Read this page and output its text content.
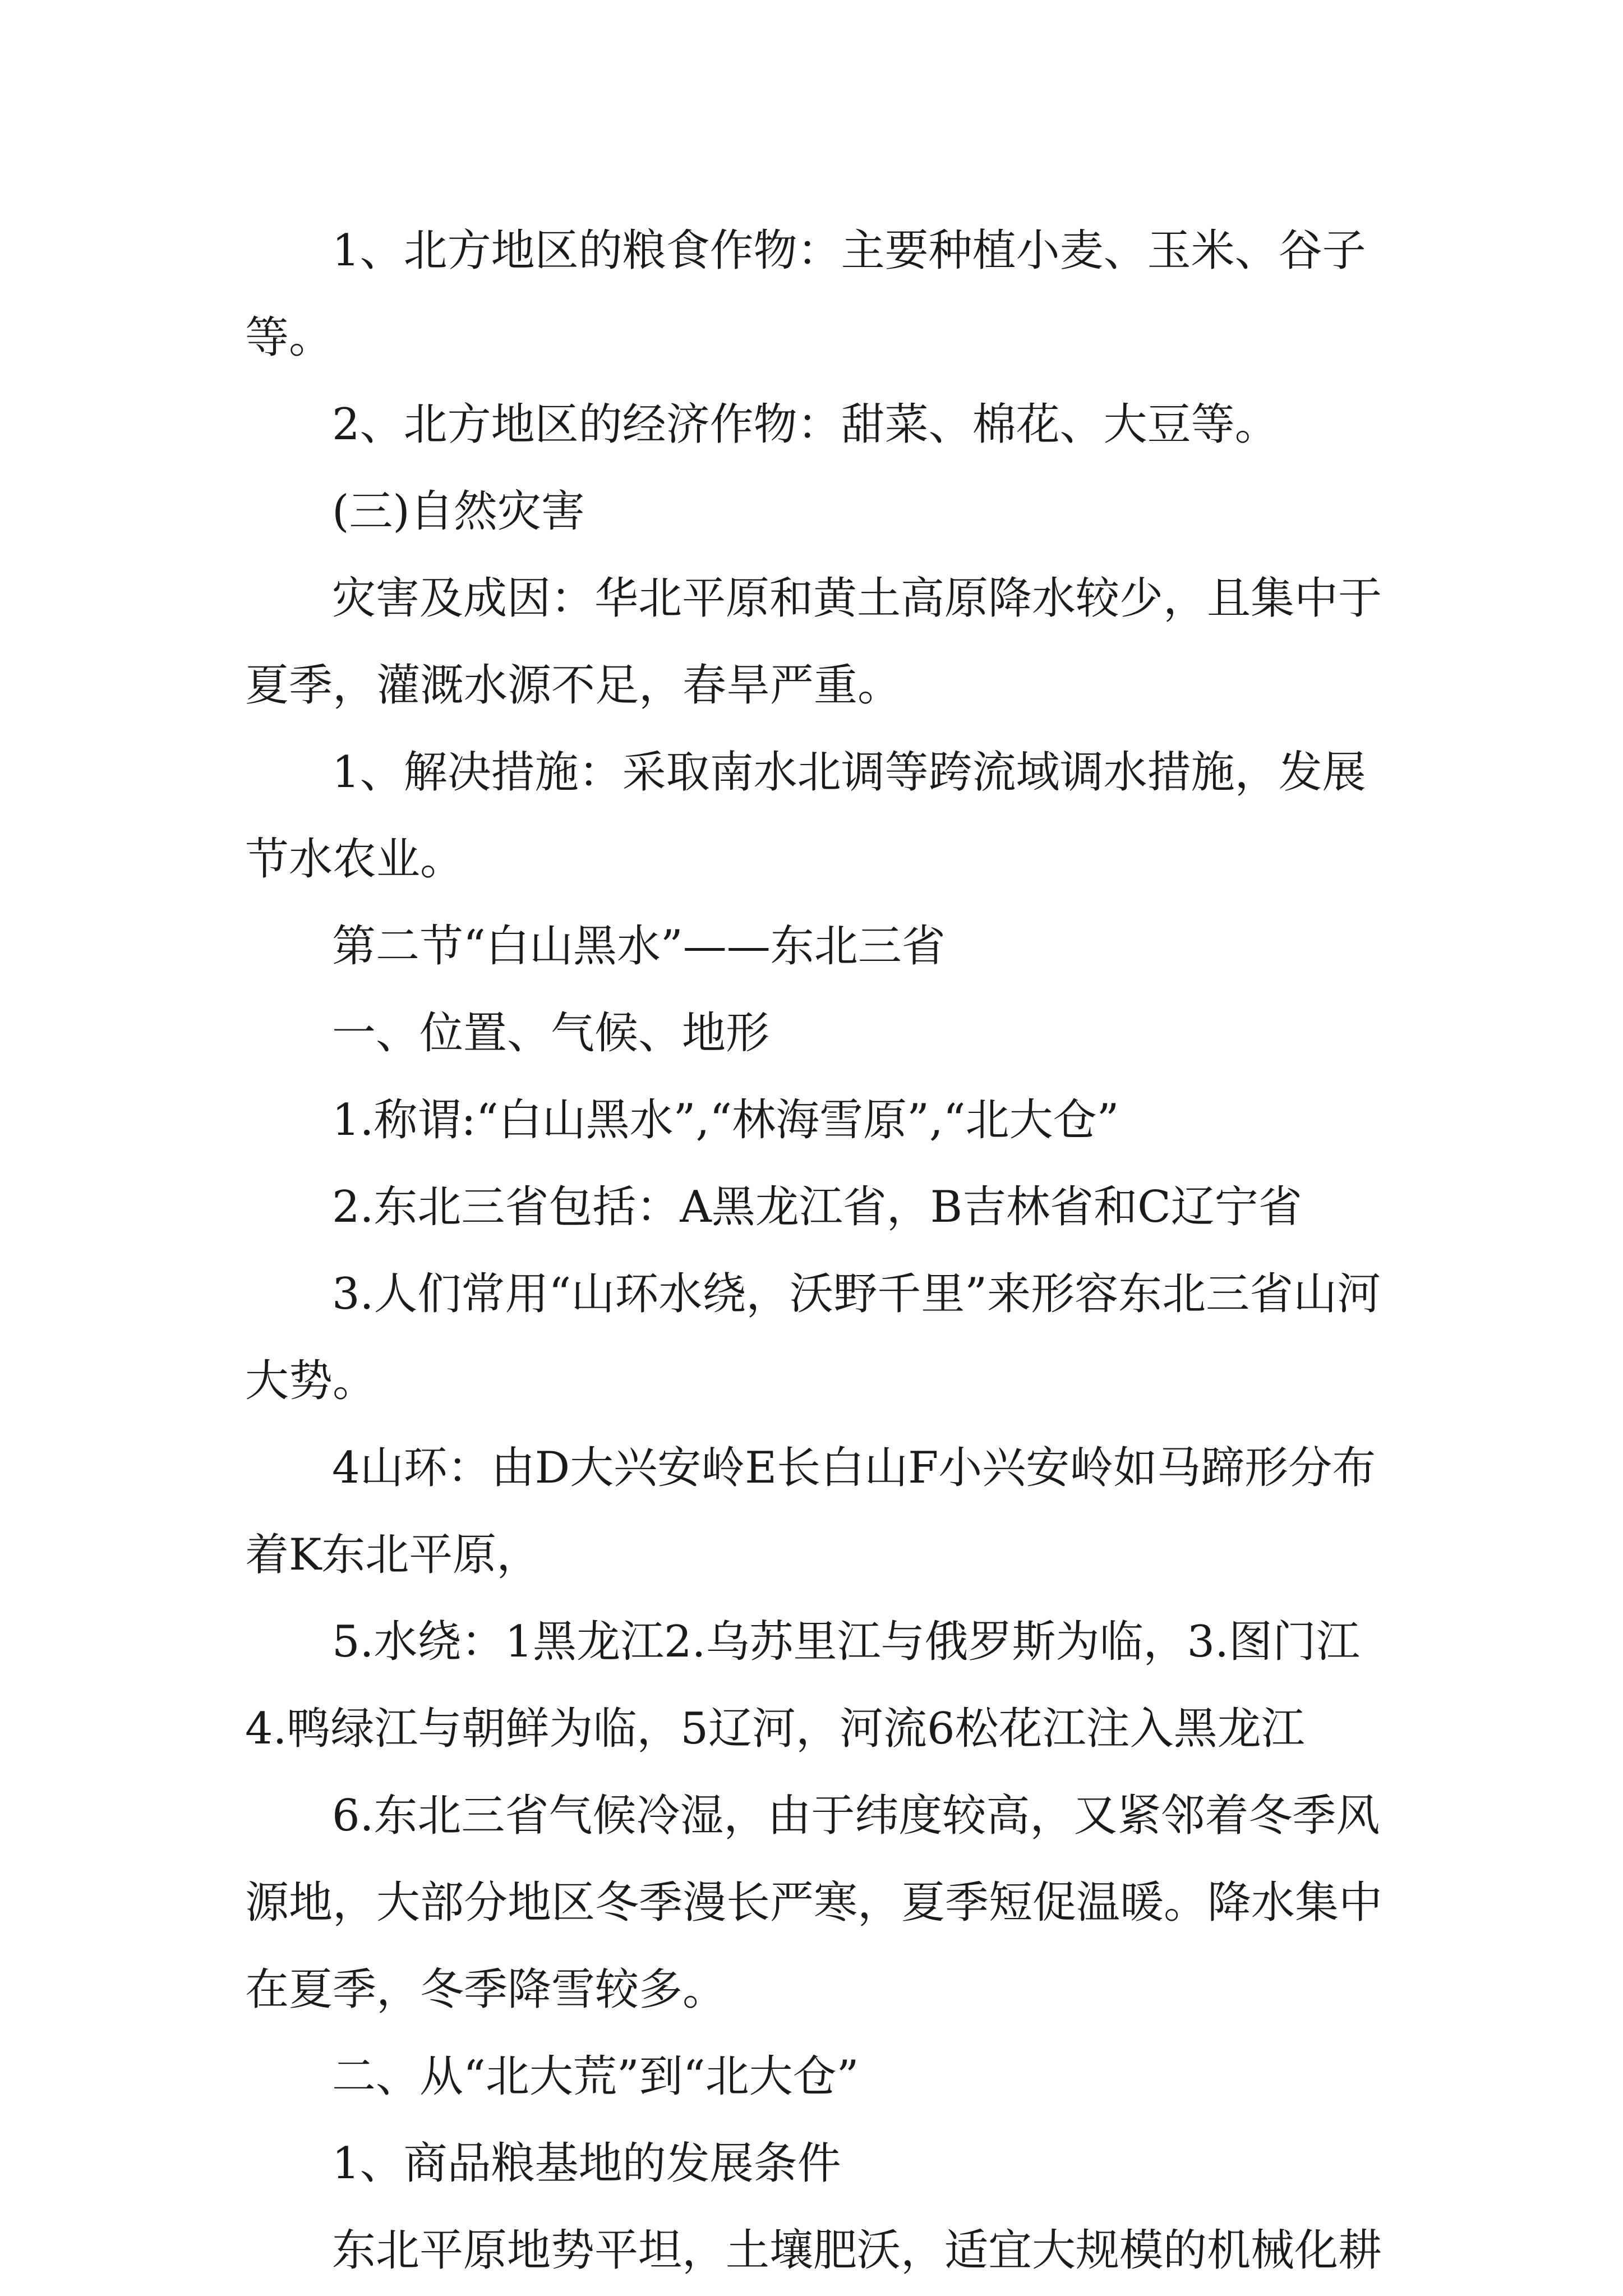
1、北方地区的粮食作物：主要种植小麦、玉米、谷子等。

2、北方地区的经济作物：甜菜、棉花、大豆等。

(三)自然灾害

灾害及成因：华北平原和黄土高原降水较少，且集中于夏季，灌溉水源不足，春旱严重。

1、解决措施：采取南水北调等跨流域调水措施，发展节水农业。

第二节“白山黑水”——东北三省

一、位置、气候、地形

1.称谓:“白山黑水”,“林海雪原”,“北大仓”

2.东北三省包括：A黑龙江省，B吉林省和C辽宁省

3.人们常用“山环水绕，沃野千里”来形容东北三省山河大势。

4山环：由D大兴安岭E长白山F小兴安岭如马蹄形分布着K东北平原，

5.水绕：1黑龙江2.乌苏里江与俄罗斯为临，3.图门江4.鸭绿江与朝鲜为临，5辽河，河流6松花江注入黑龙江

6.东北三省气候冷湿，由于纬度较高，又紧邻着冬季风源地，大部分地区冬季漫长严寒，夏季短促温暖。降水集中在夏季，冬季降雪较多。

二、从“北大荒”到“北大仓”

1、商品粮基地的发展条件

东北平原地势平坦，土壤肥沃，适宜大规模的机械化耕
